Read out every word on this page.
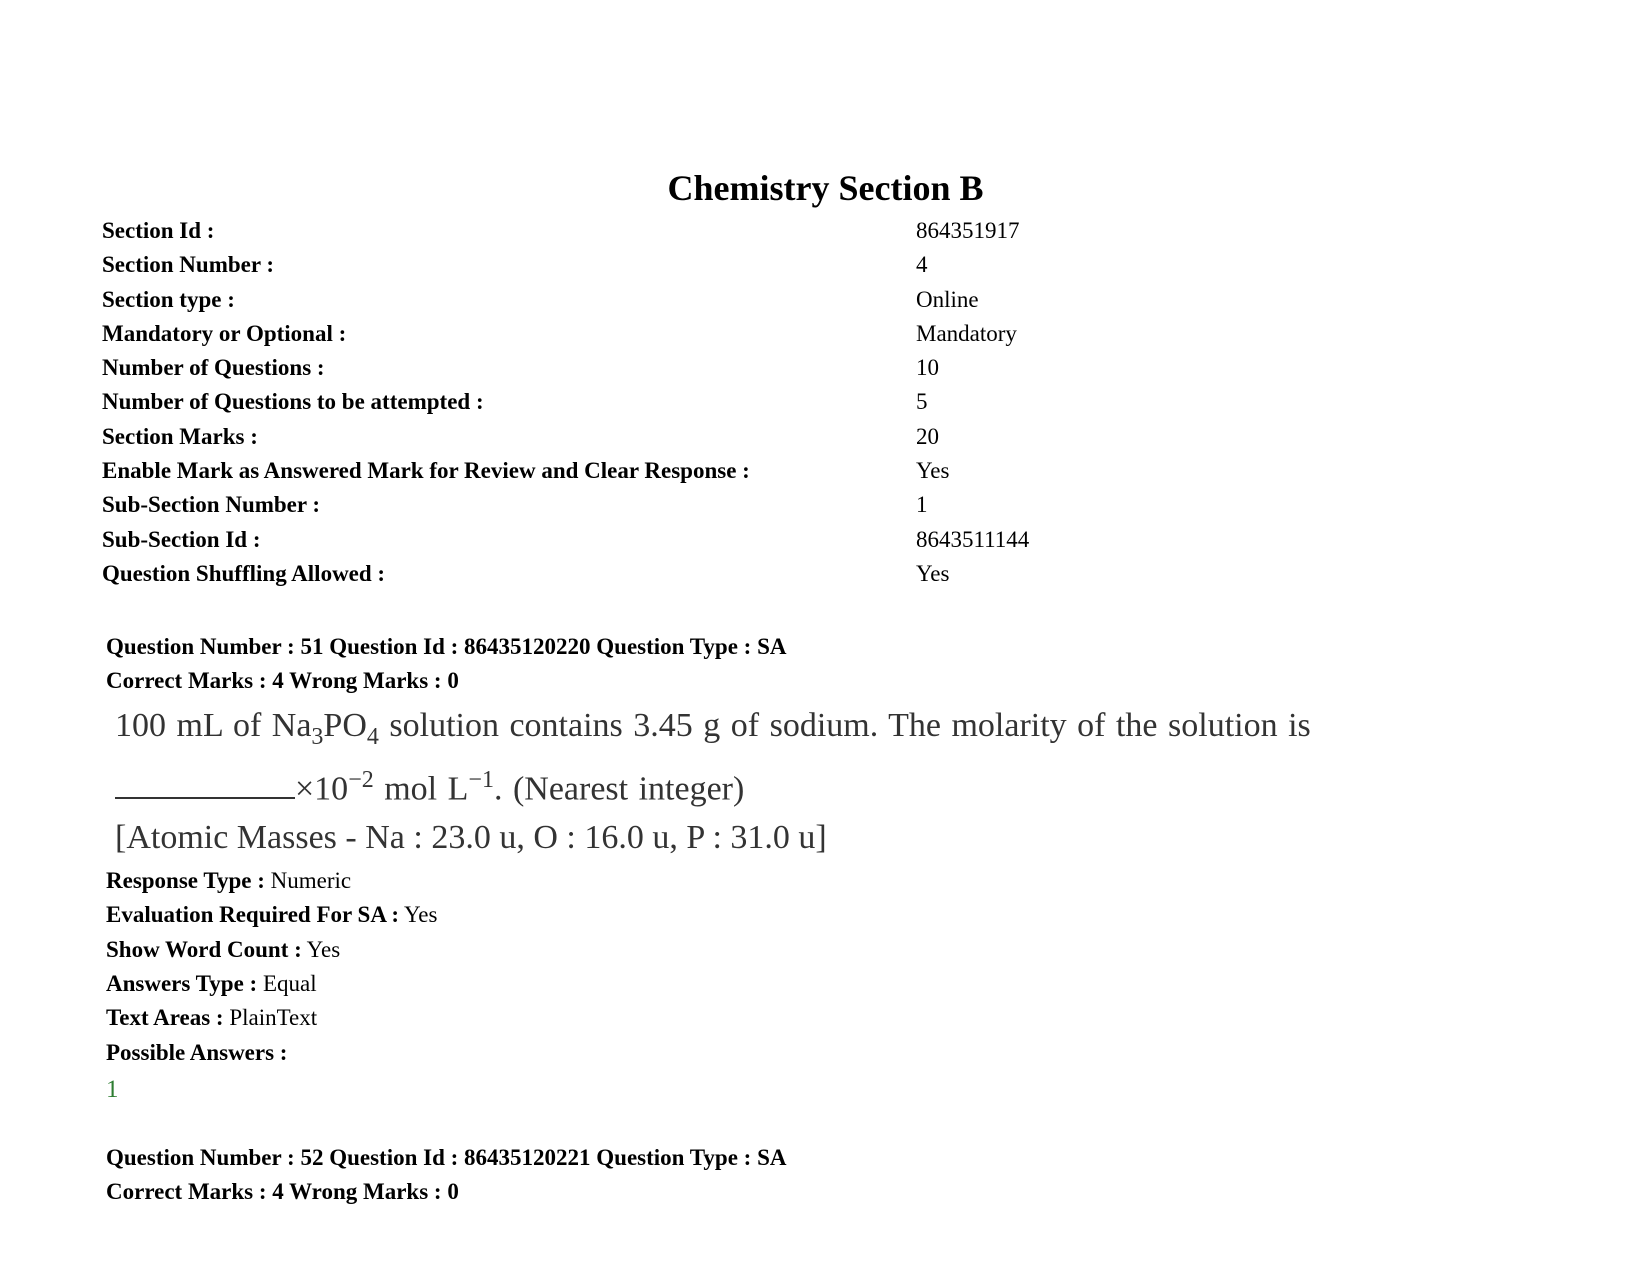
Chemistry Section B
Section Id :	864351917
Section Number :	4
Section type :	Online
Mandatory or Optional :	Mandatory
Number of Questions :	10
Number of Questions to be attempted :	5
Section Marks :	20
Enable Mark as Answered Mark for Review and Clear Response :	Yes
Sub-Section Number :	1
Sub-Section Id :	8643511144
Question Shuffling Allowed :	Yes
Question Number : 51 Question Id : 86435120220 Question Type : SA
Correct Marks : 4 Wrong Marks : 0
100 mL of $Na_3PO_4$ solution contains 3.45 g of sodium. The molarity of the solution is
$\times 10^{-2}$ mol $L^{-1}$. (Nearest integer)
[Atomic Masses - Na : 23.0 u, O : 16.0 u, P : 31.0 u]
Response Type : Numeric
Evaluation Required For SA : Yes
Show Word Count : Yes
Answers Type : Equal
Text Areas : PlainText
Possible Answers :
1
Question Number : 52 Question Id : 86435120221 Question Type : SA
Correct Marks : 4 Wrong Marks : 0
